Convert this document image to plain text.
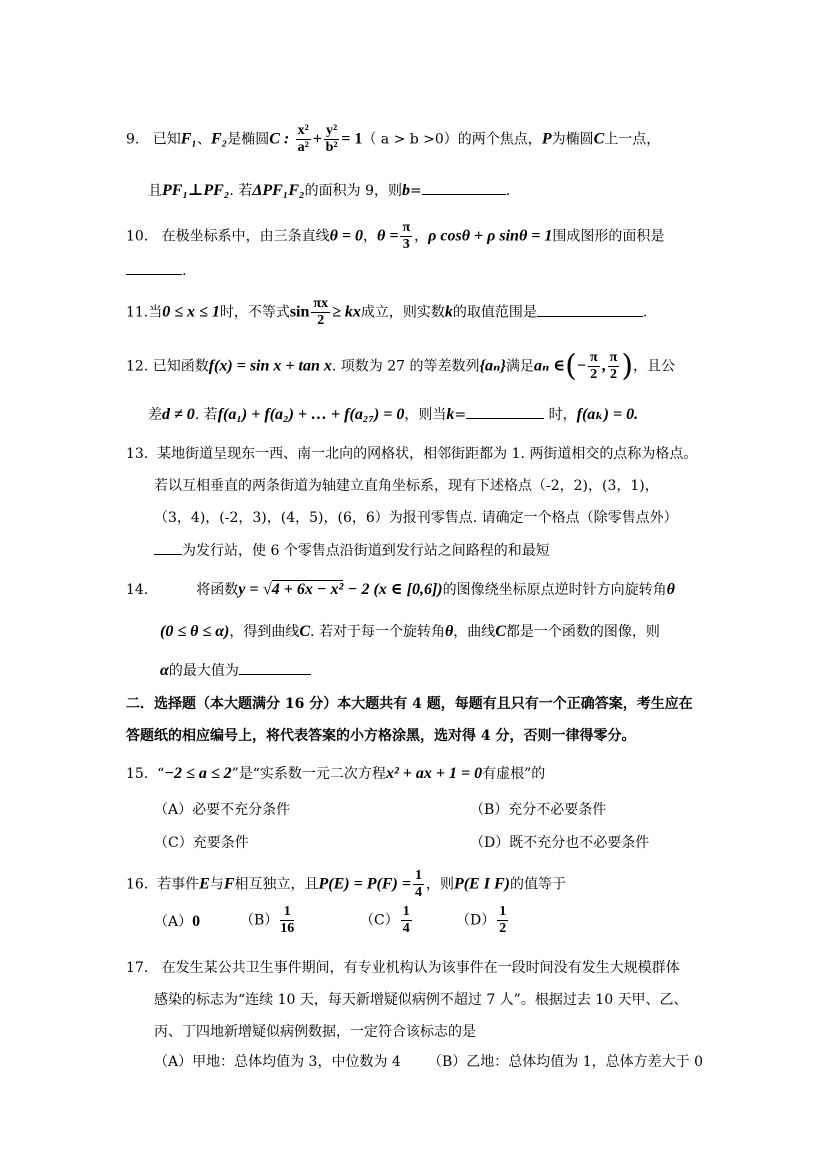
9. 已知F₁、F₂是椭圆C : $\frac{\text{x²}}{\text{a²}} + \frac{\text{y²}}{\text{b²}} = 1$（ a > b >0）的两个焦点，P为椭圆C上一点，
且PF₁⊥PF₂. 若ΔPF₁F₂的面积为 9，则b=	.
10. 在极坐标系中，由三条直线θ = 0，$\theta = \frac{\pi}{3}$ ，ρ cosθ + ρ sinθ = 1围成图形的面积是
.
11.当0 ≤ x ≤ 1时，不等式$\sin \frac{\pi x}{2}$ ≥ kx成立，则实数k的取值范围是	.
12. 已知函数f(x) = sin x + tan x. 项数为 27 的等差数列{aₙ}满足aₙ ∈(− $\frac{\pi}{2}$ , $\frac{\pi}{2}$ )，且公
差d ≠ 0. 若f(a₁) + f(a₂) + … + f(a₂₇) = 0，则当k=	时，f(aₖ) = 0.
13. 某地街道呈现东一西、南一北向的网格状，相邻街距都为 1. 两街道相交的点称为格点。
若以互相垂直的两条街道为轴建立直角坐标系，现有下述格点（-2，2)，(3，1)，
（3，4)，(-2，3)，(4，5)，(6，6）为报刊零售点. 请确定一个格点（除零售点外）
为发行站，使 6 个零售点沿街道到发行站之间路程的和最短
14.	将函数y = √4 + 6x − x² − 2 (x ∈ [0,6])的图像绕坐标原点逆时针方向旋转角θ
(0 ≤ θ ≤ α)，得到曲线C. 若对于每一个旋转角θ，曲线C都是一个函数的图像，则
α的最大值为
二．选择题（本大题满分 16 分）本大题共有 4 题，每题有且只有一个正确答案，考生应在
答题纸的相应编号上，将代表答案的小方格涂黑，选对得 4 分，否则一律得零分。
15. “−2 ≤ a ≤ 2”是“实系数一元二次方程x² + ax + 1 = 0有虚根”的
（A）必要不充分条件	（B）充分不必要条件
（C）充要条件	（D）既不充分也不必要条件
16. 若事件E与F相互独立，且$P(E) = P(F) = \frac{1}{4}$ ，则P(E I F)的值等于
（A）0	$(B) \frac{1}{16}$	$(C) \frac{1}{4}$	$(D) \frac{1}{2}$
17. 在发生某公共卫生事件期间，有专业机构认为该事件在一段时间没有发生大规模群体
感染的标志为“连续 10 天，每天新增疑似病例不超过 7 人”。根据过去 10 天甲、乙、
丙、丁四地新增疑似病例数据，一定符合该标志的是
（A）甲地：总体均值为 3，中位数为 4 （B）乙地：总体均值为 1，总体方差大于 0
